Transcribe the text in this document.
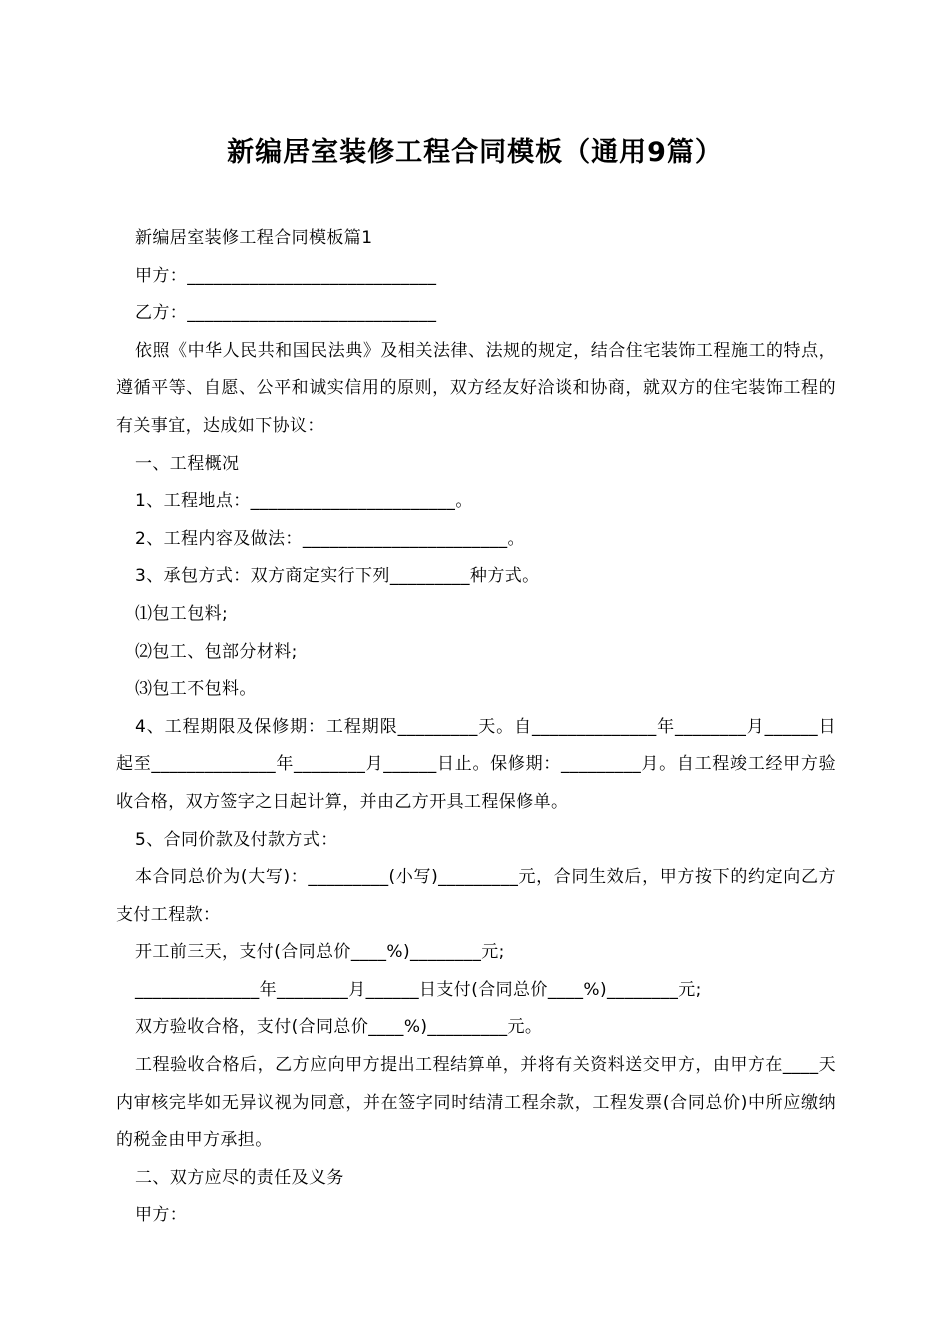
新编居室装修工程合同模板（通用9篇）

新编居室装修工程合同模板篇1

甲方：____________________________

乙方：____________________________

依照《中华人民共和国民法典》及相关法律、法规的规定，结合住宅装饰工程施工的特点，遵循平等、自愿、公平和诚实信用的原则，双方经友好洽谈和协商，就双方的住宅装饰工程的有关事宜，达成如下协议：

一、工程概况

1、工程地点：_______________________。

2、工程内容及做法：_______________________。

3、承包方式：双方商定实行下列_________种方式。

⑴包工包料;

⑵包工、包部分材料;

⑶包工不包料。

4、工程期限及保修期：工程期限_________天。自______________年________月______日起至______________年________月______日止。保修期：_________月。自工程竣工经甲方验收合格，双方签字之日起计算，并由乙方开具工程保修单。

5、合同价款及付款方式：

本合同总价为(大写)：_________(小写)_________元，合同生效后，甲方按下的约定向乙方支付工程款：

开工前三天，支付(合同总价____%)________元;

______________年________月______日支付(合同总价____%)________元;

双方验收合格，支付(合同总价____%)_________元。

工程验收合格后，乙方应向甲方提出工程结算单，并将有关资料送交甲方，由甲方在____天内审核完毕如无异议视为同意，并在签字同时结清工程余款，工程发票(合同总价)中所应缴纳的税金由甲方承担。

二、双方应尽的责任及义务

甲方：
